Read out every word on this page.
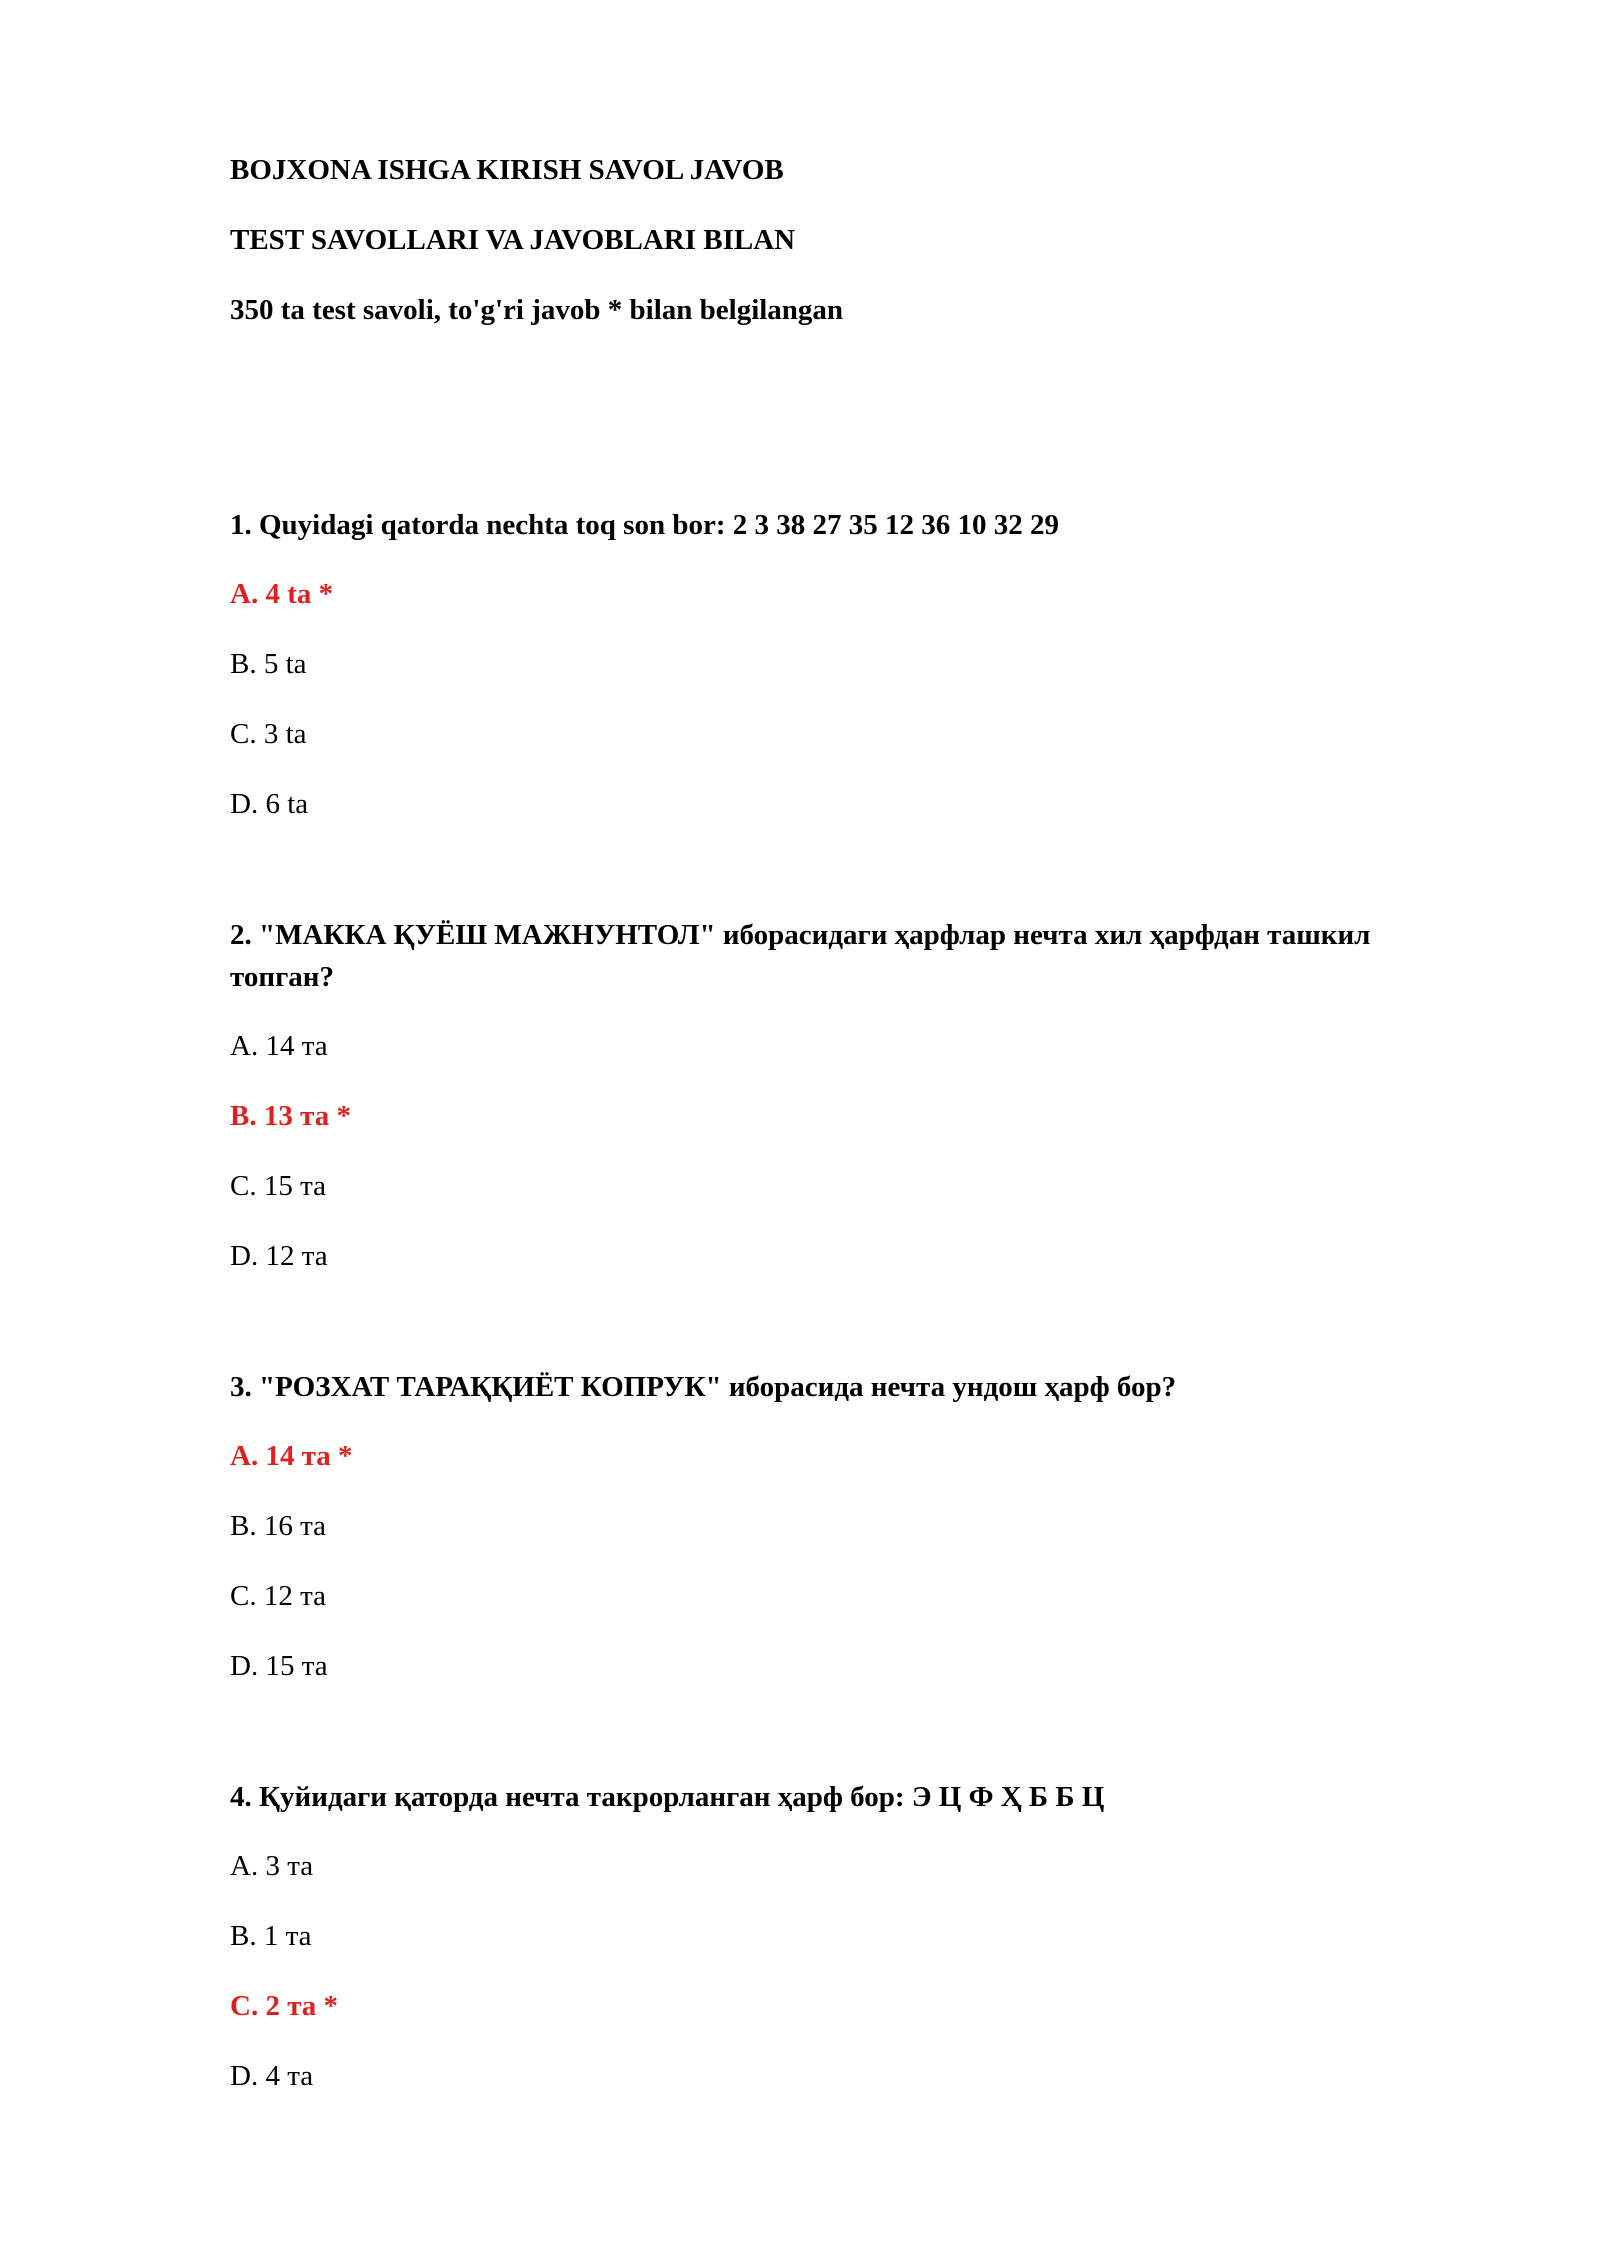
BOJXONA ISHGA KIRISH SAVOL JAVOB
TEST SAVOLLARI VA JAVOBLARI BILAN
350 ta test savoli, to'g'ri javob * bilan belgilangan
1. Quyidagi qatorda nechta toq son bor: 2 3 38 27 35 12 36 10 32 29
A. 4 ta *
B. 5 ta
C. 3 ta
D. 6 ta
2. "МАККА ҚУЁШ МАЖНУНТОЛ" иборасидаги ҳарфлар нечта хил ҳарфдан ташкил топган?
A. 14 та
B. 13 та *
C. 15 та
D. 12 та
3. "РОЗХАТ ТАРАҚҚИЁТ КОПРУК" иборасида нечта ундош ҳарф бор?
A. 14 та *
B. 16 та
C. 12 та
D. 15 та
4. Қуйидаги қаторда нечта такрорланган ҳарф бор: Э Ц Ф Ҳ Б Б Ц
A. 3 та
B. 1 та
C. 2 та *
D. 4 та
